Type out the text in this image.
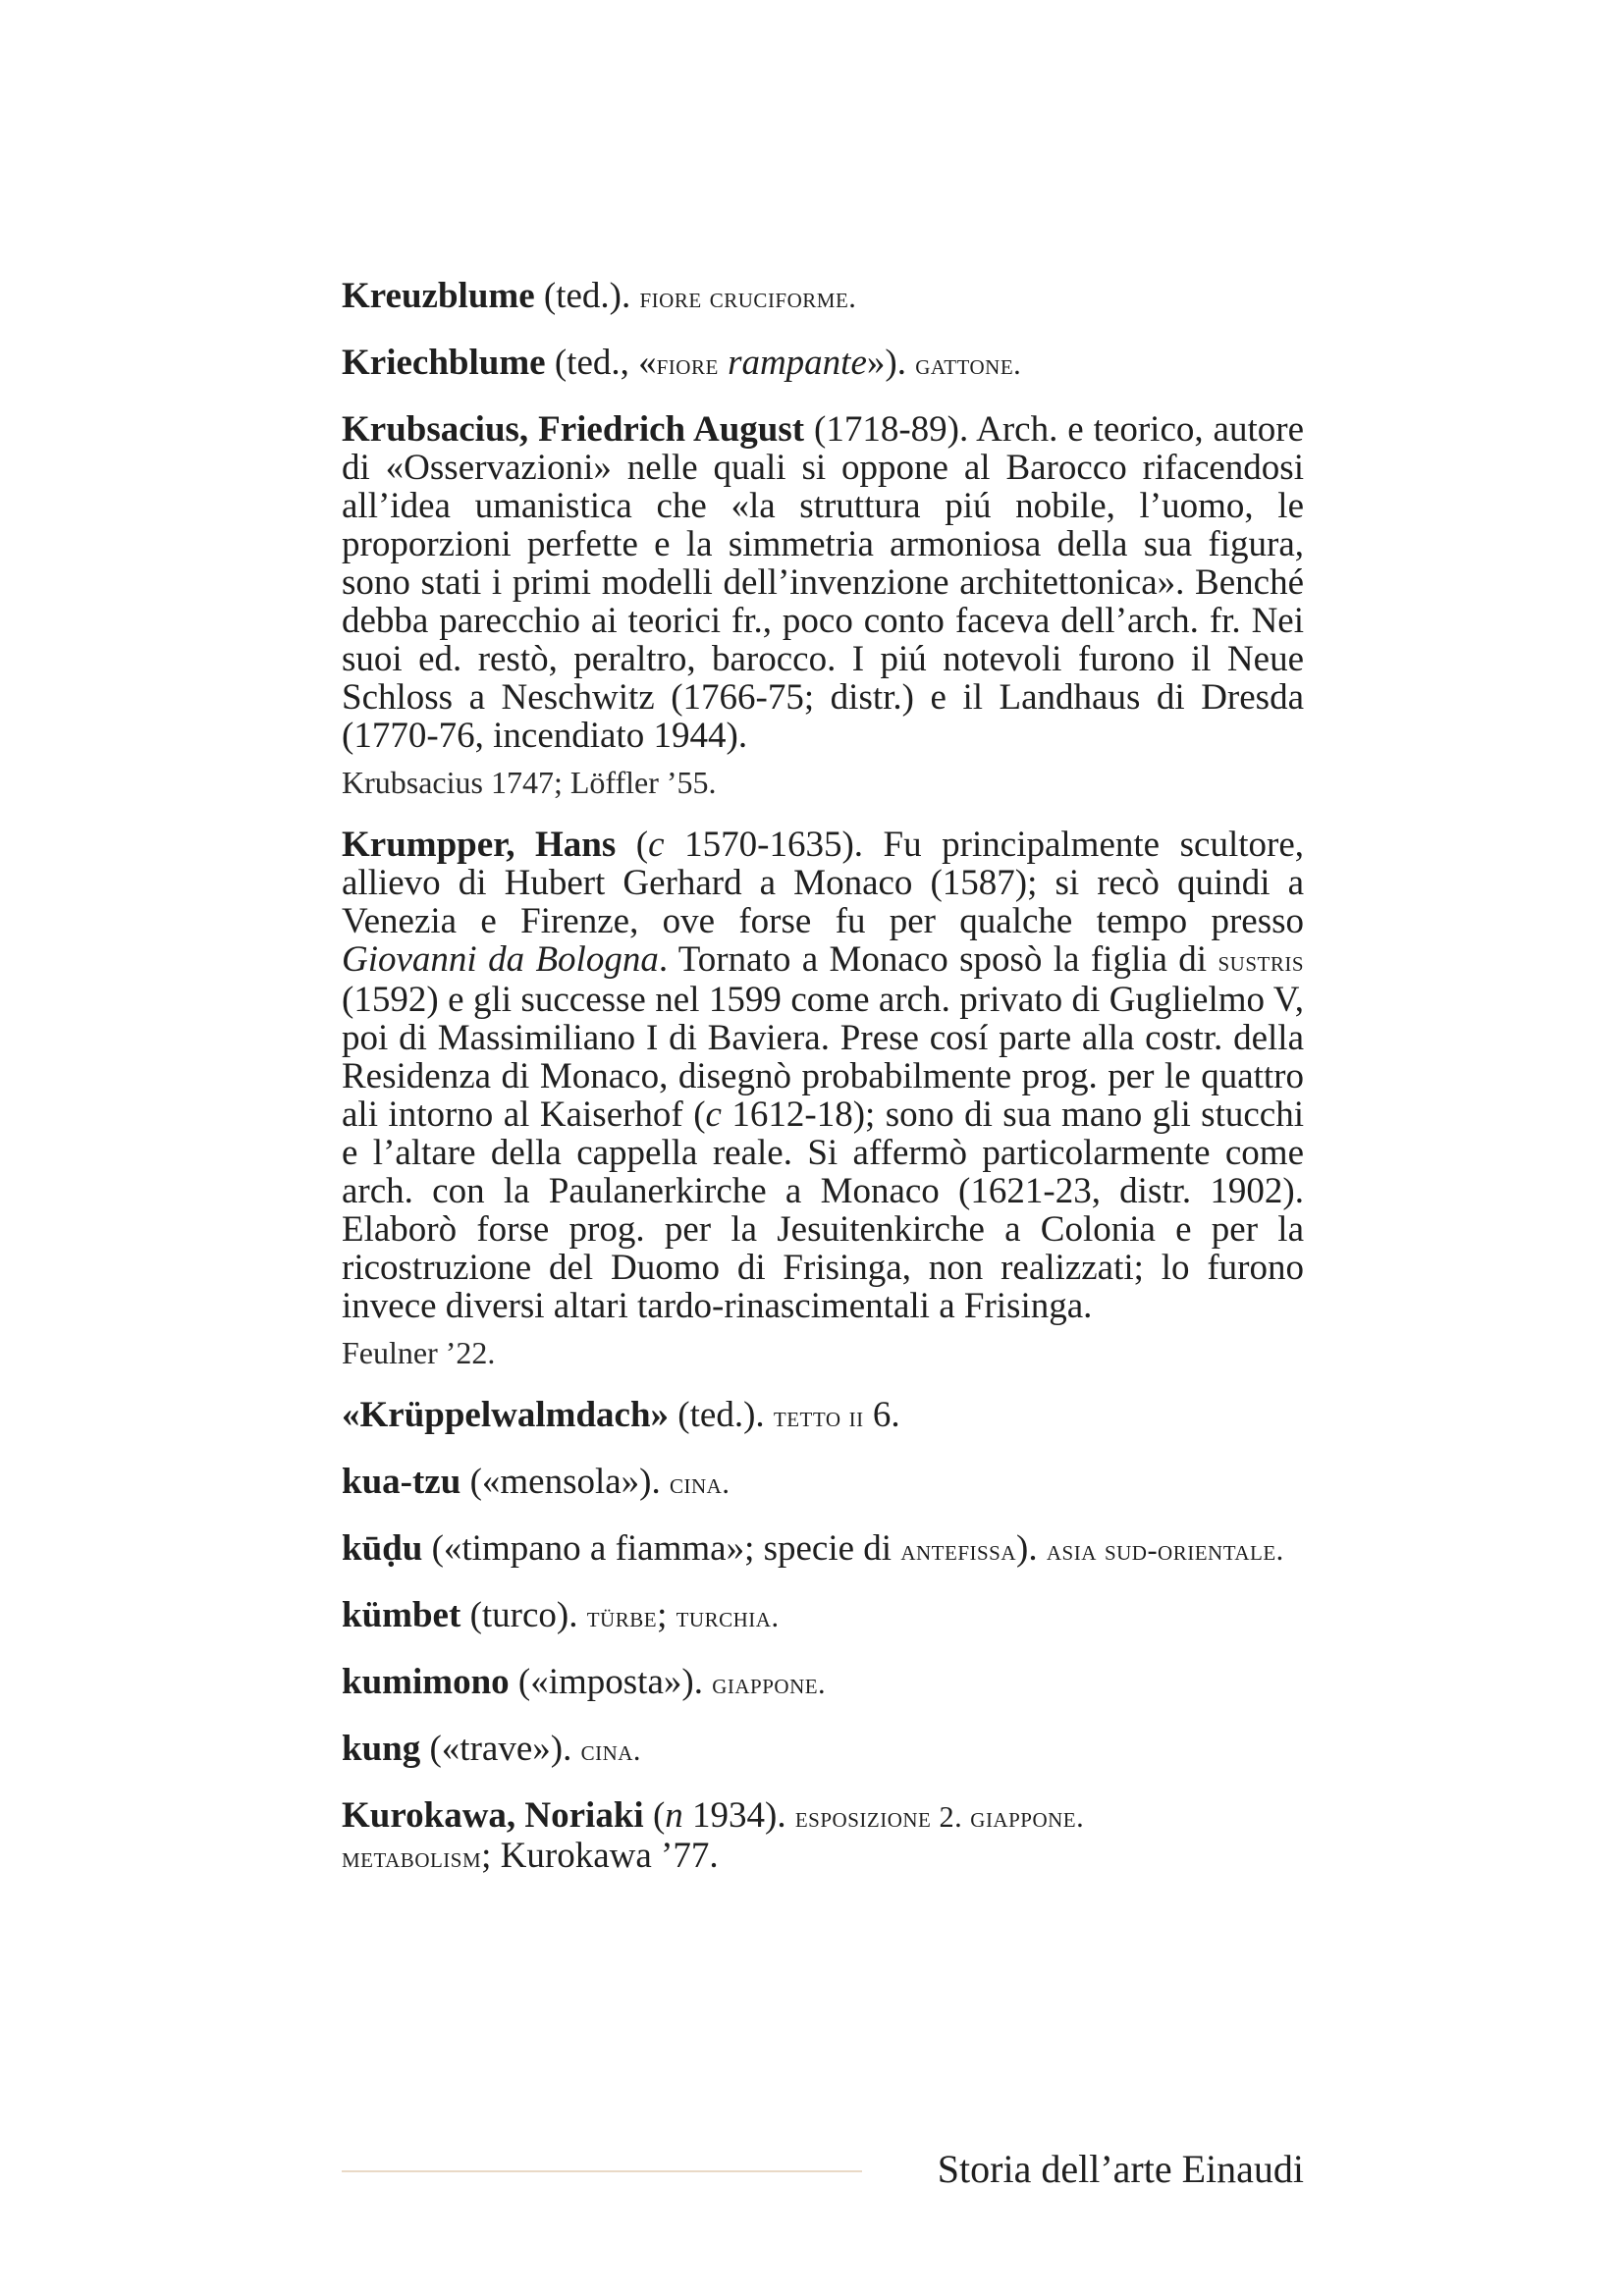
Kreuzblume (ted.). fiore cruciforme.

Kriechblume (ted., «fiore rampante»). gattone.

Krubsacius, Friedrich August (1718-89). Arch. e teorico, autore di «Osservazioni» nelle quali si oppone al Barocco rifacendosi all’idea umanistica che «la struttura piú nobile, l’uomo, le proporzioni perfette e la simmetria armoniosa della sua figura, sono stati i primi modelli dell’invenzione architettonica». Benché debba parecchio ai teorici fr., poco conto faceva dell’arch. fr. Nei suoi ed. restò, peraltro, barocco. I piú notevoli furono il Neue Schloss a Neschwitz (1766-75; distr.) e il Landhaus di Dresda (1770-76, incendiato 1944).

Krubsacius 1747; Löffler ’55.

Krumpper, Hans (c 1570-1635). Fu principalmente scultore, allievo di Hubert Gerhard a Monaco (1587); si recò quindi a Venezia e Firenze, ove forse fu per qualche tempo presso Giovanni da Bologna. Tornato a Monaco sposò la figlia di sustris (1592) e gli successe nel 1599 come arch. privato di Guglielmo V, poi di Massimiliano I di Baviera. Prese cosí parte alla costr. della Residenza di Monaco, disegnò probabilmente prog. per le quattro ali intorno al Kaiserhof (c 1612-18); sono di sua mano gli stucchi e l’altare della cappella reale. Si affermò particolarmente come arch. con la Paulanerkirche a Monaco (1621-23, distr. 1902). Elaborò forse prog. per la Jesuitenkirche a Colonia e per la ricostruzione del Duomo di Frisinga, non realizzati; lo furono invece diversi altari tardo-rinascimentali a Frisinga.

Feulner ’22.

«Krüppelwalmdach» (ted.). tetto ii 6.

kua-tzu («mensola»). cina.

kūḍu («timpano a fiamma»; specie di antefissa). asia sud-orientale.

kümbet (turco). türbe; turchia.

kumimono («imposta»). giappone.

kung («trave»). cina.

Kurokawa, Noriaki (n 1934). esposizione 2. giappone.
metabolism; Kurokawa ’77.

Storia dell’arte Einaudi
